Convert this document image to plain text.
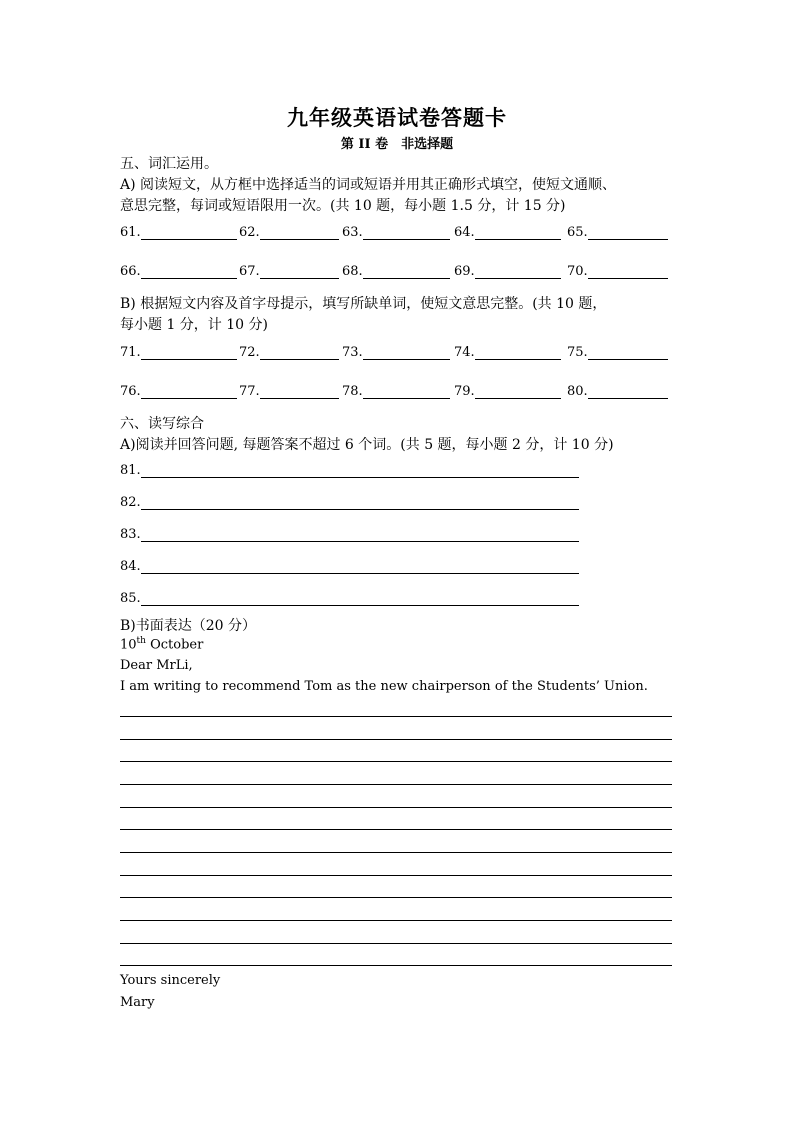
九年级英语试卷答题卡
第 II 卷　非选择题
五、词汇运用。
A) 阅读短文，从方框中选择适当的词或短语并用其正确形式填空，使短文通顺、
意思完整，每词或短语限用一次。(共 10 题，每小题 1.5 分，计 15 分)
61.	62.	63.	64.	65.
66.	67.	68.	69.	70.
B) 根据短文内容及首字母提示，填写所缺单词，使短文意思完整。(共 10 题，
每小题 1 分，计 10 分)
71.	72.	73.	74.	75.
76.	77.	78.	79.	80.
六、读写综合
A)阅读并回答问题, 每题答案不超过 6 个词。(共 5 题，每小题 2 分，计 10 分)
81.
82.
83.
84.
85.
B)书面表达（20 分）
10th October
Dear MrLi,
I am writing to recommend Tom as the new chairperson of the Students’ Union.
Yours sincerely
Mary
